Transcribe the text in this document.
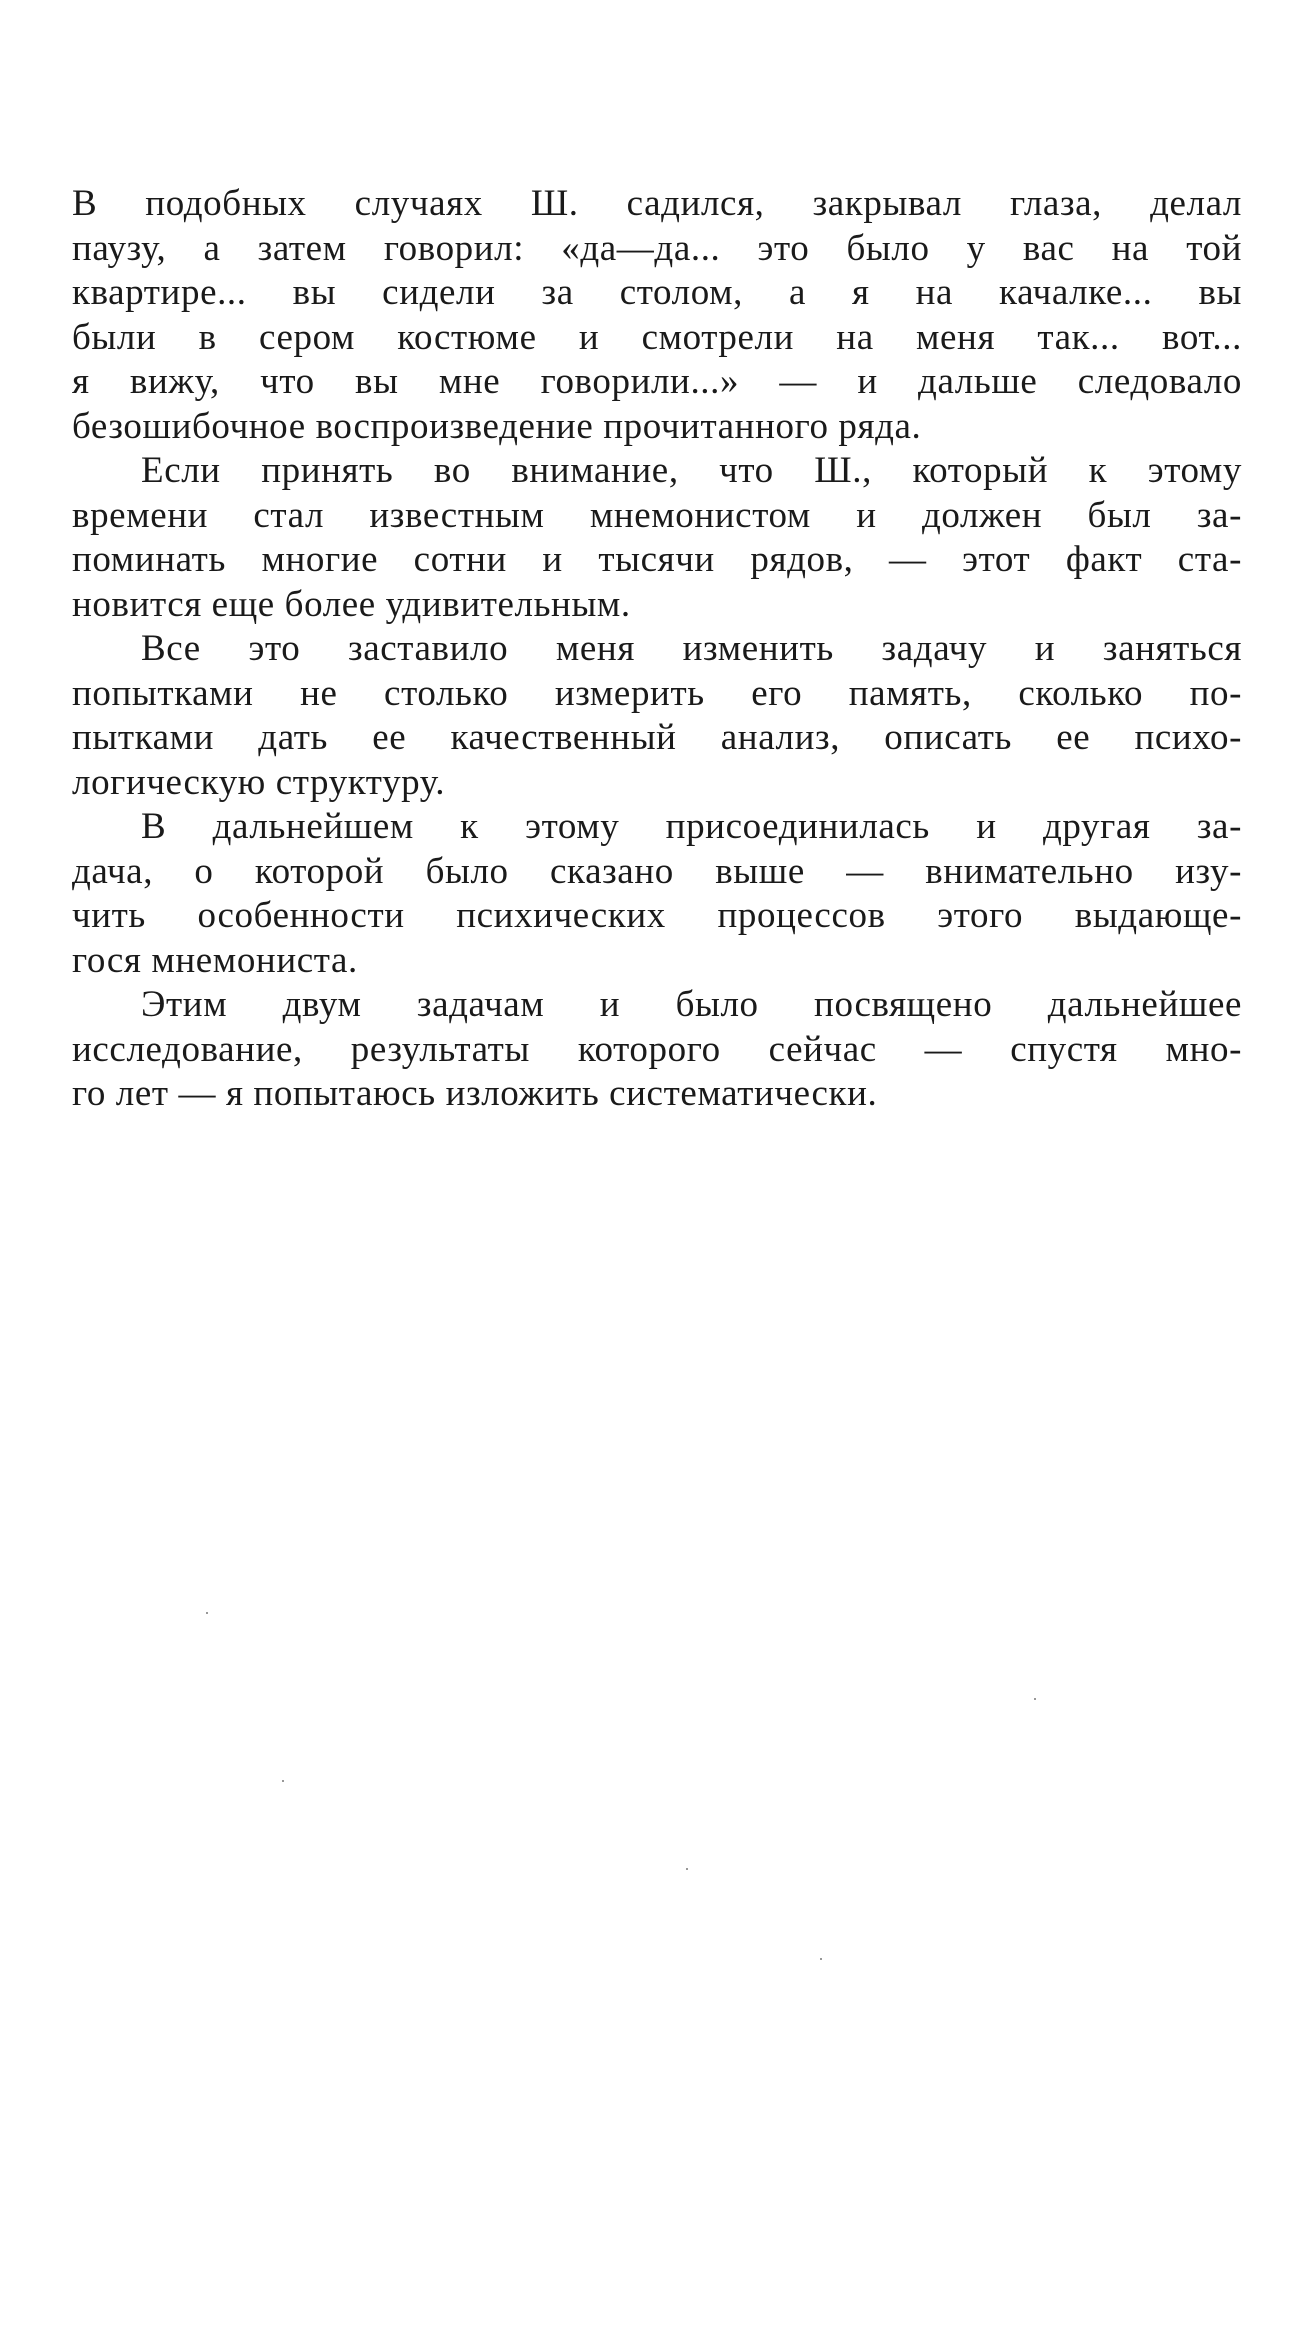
В подобных случаях Ш. садился, закрывал глаза, делал
паузу, а затем говорил: «да—да... это было у вас на той
квартире... вы сидели за столом, а я на качалке... вы
были в сером костюме и смотрели на меня так... вот...
я вижу, что вы мне говорили...» — и дальше следовало
безошибочное воспроизведение прочитанного ряда.

Если принять во внимание, что Ш., который к этому
времени стал известным мнемонистом и должен был за-
поминать многие сотни и тысячи рядов, — этот факт ста-
новится еще более удивительным.

Все это заставило меня изменить задачу и заняться
попытками не столько измерить его память, сколько по-
пытками дать ее качественный анализ, описать ее психо-
логическую структуру.

В дальнейшем к этому присоединилась и другая за-
дача, о которой было сказано выше — внимательно изу-
чить особенности психических процессов этого выдающе-
гося мнемониста.

Этим двум задачам и было посвящено дальнейшее
исследование, результаты которого сейчас — спустя мно-
го лет — я попытаюсь изложить систематически.
